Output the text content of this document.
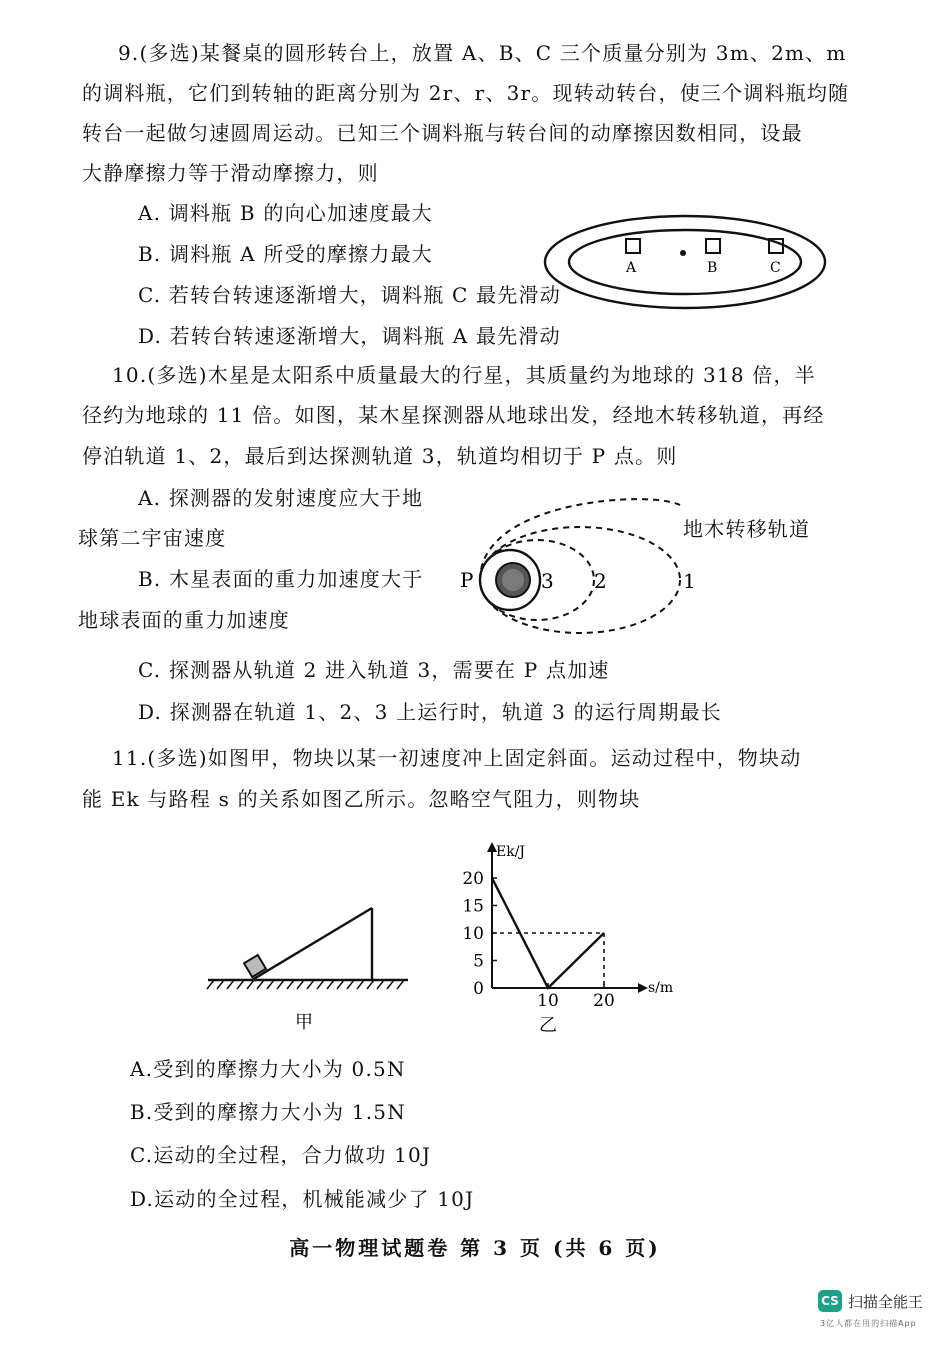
9.(多选)某餐桌的圆形转台上，放置 A、B、C 三个质量分别为 3m、2m、m
的调料瓶，它们到转轴的距离分别为 2r、r、3r。现转动转台，使三个调料瓶均随
转台一起做匀速圆周运动。已知三个调料瓶与转台间的动摩擦因数相同，设最
大静摩擦力等于滑动摩擦力，则
A. 调料瓶 B 的向心加速度最大
B. 调料瓶 A 所受的摩擦力最大
C. 若转台转速逐渐增大，调料瓶 C 最先滑动
D. 若转台转速逐渐增大，调料瓶 A 最先滑动
A	B	C
10.(多选)木星是太阳系中质量最大的行星，其质量约为地球的 318 倍，半
径约为地球的 11 倍。如图，某木星探测器从地球出发，经地木转移轨道，再经
停泊轨道 1、2，最后到达探测轨道 3，轨道均相切于 P 点。则
A. 探测器的发射速度应大于地
球第二宇宙速度
B. 木星表面的重力加速度大于
地球表面的重力加速度
C. 探测器从轨道 2 进入轨道 3，需要在 P 点加速
D. 探测器在轨道 1、2、3 上运行时，轨道 3 的运行周期最长
P	3 2	1
地木转移轨道
11.(多选)如图甲，物块以某一初速度冲上固定斜面。运动过程中，物块动
能 Ek 与路程 s 的关系如图乙所示。忽略空气阻力，则物块
甲
Ek/J
s/m
20
15
10
5
0
10 20
乙
A.受到的摩擦力大小为 0.5N
B.受到的摩擦力大小为 1.5N
C.运动的全过程，合力做功 10J
D.运动的全过程，机械能减少了 10J
高一物理试题卷 第 3 页 (共 6 页)
CS 扫描全能王
3亿人都在用的扫描App
